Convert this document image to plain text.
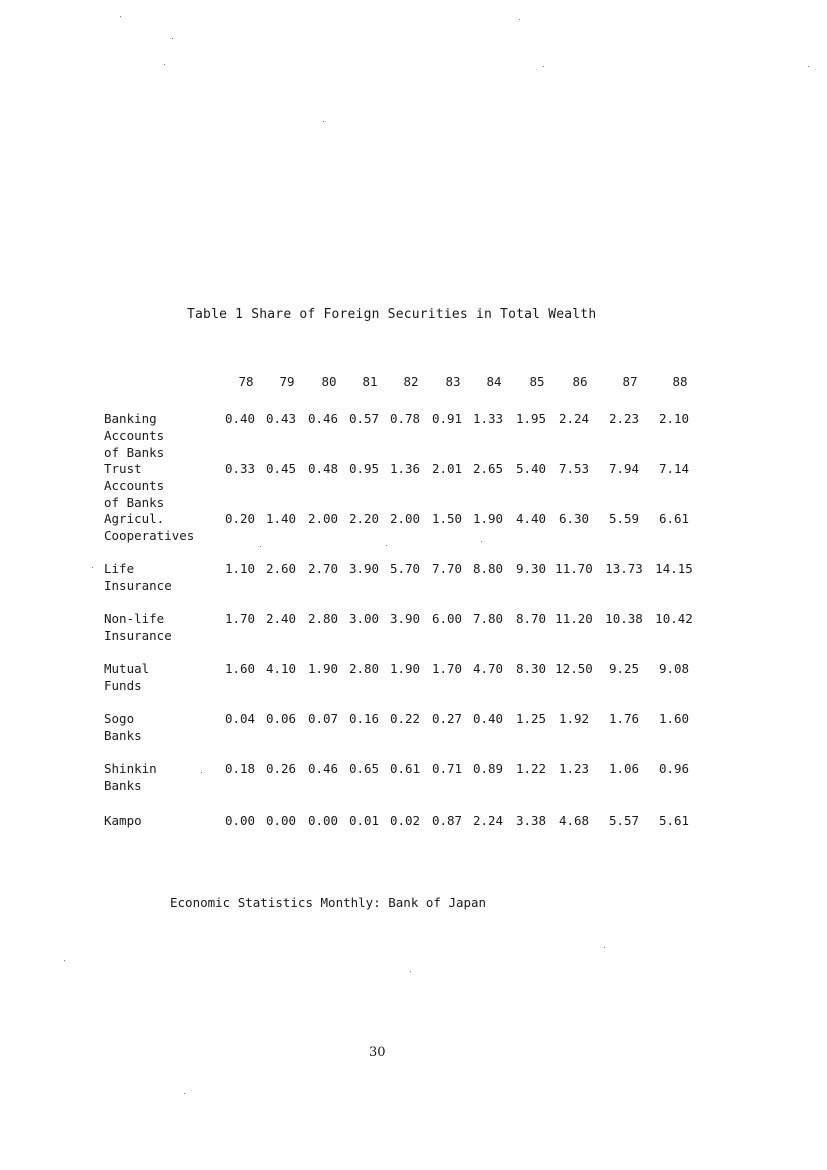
Table 1 Share of Foreign Securities in Total Wealth
78	79	80	81	82	83	84	85	86	87	88
Banking
Accounts
of Banks
0.40 0.43 0.46 0.57 0.78 0.91 1.33	1.95	2.24	2.23	2.10
Trust
Accounts
of Banks
0.33 0.45 0.48 0.95 1.36 2.01 2.65	5.40	7.53	7.94	7.14
Agricul.
Cooperatives
0.20 1.40 2.00 2.20 2.00 1.50 1.90	4.40	6.30	5.59	6.61
Life
Insurance
1.10 2.60 2.70 3.90 5.70 7.70 8.80	9.30 11.70 13.73 14.15
Non-life
Insurance
1.70 2.40 2.80 3.00 3.90 6.00 7.80	8.70 11.20 10.38 10.42
Mutual
Funds
1.60 4.10 1.90 2.80 1.90 1.70 4.70	8.30 12.50	9.25	9.08
Sogo
Banks
0.04 0.06 0.07 0.16 0.22 0.27 0.40	1.25	1.92	1.76	1.60
Shinkin
Banks
0.18 0.26 0.46 0.65 0.61 0.71 0.89	1.22	1.23	1.06	0.96
Kampo	0.00 0.00 0.00 0.01 0.02 0.87 2.24	3.38	4.68	5.57	5.61
Economic Statistics Monthly: Bank of Japan
30
